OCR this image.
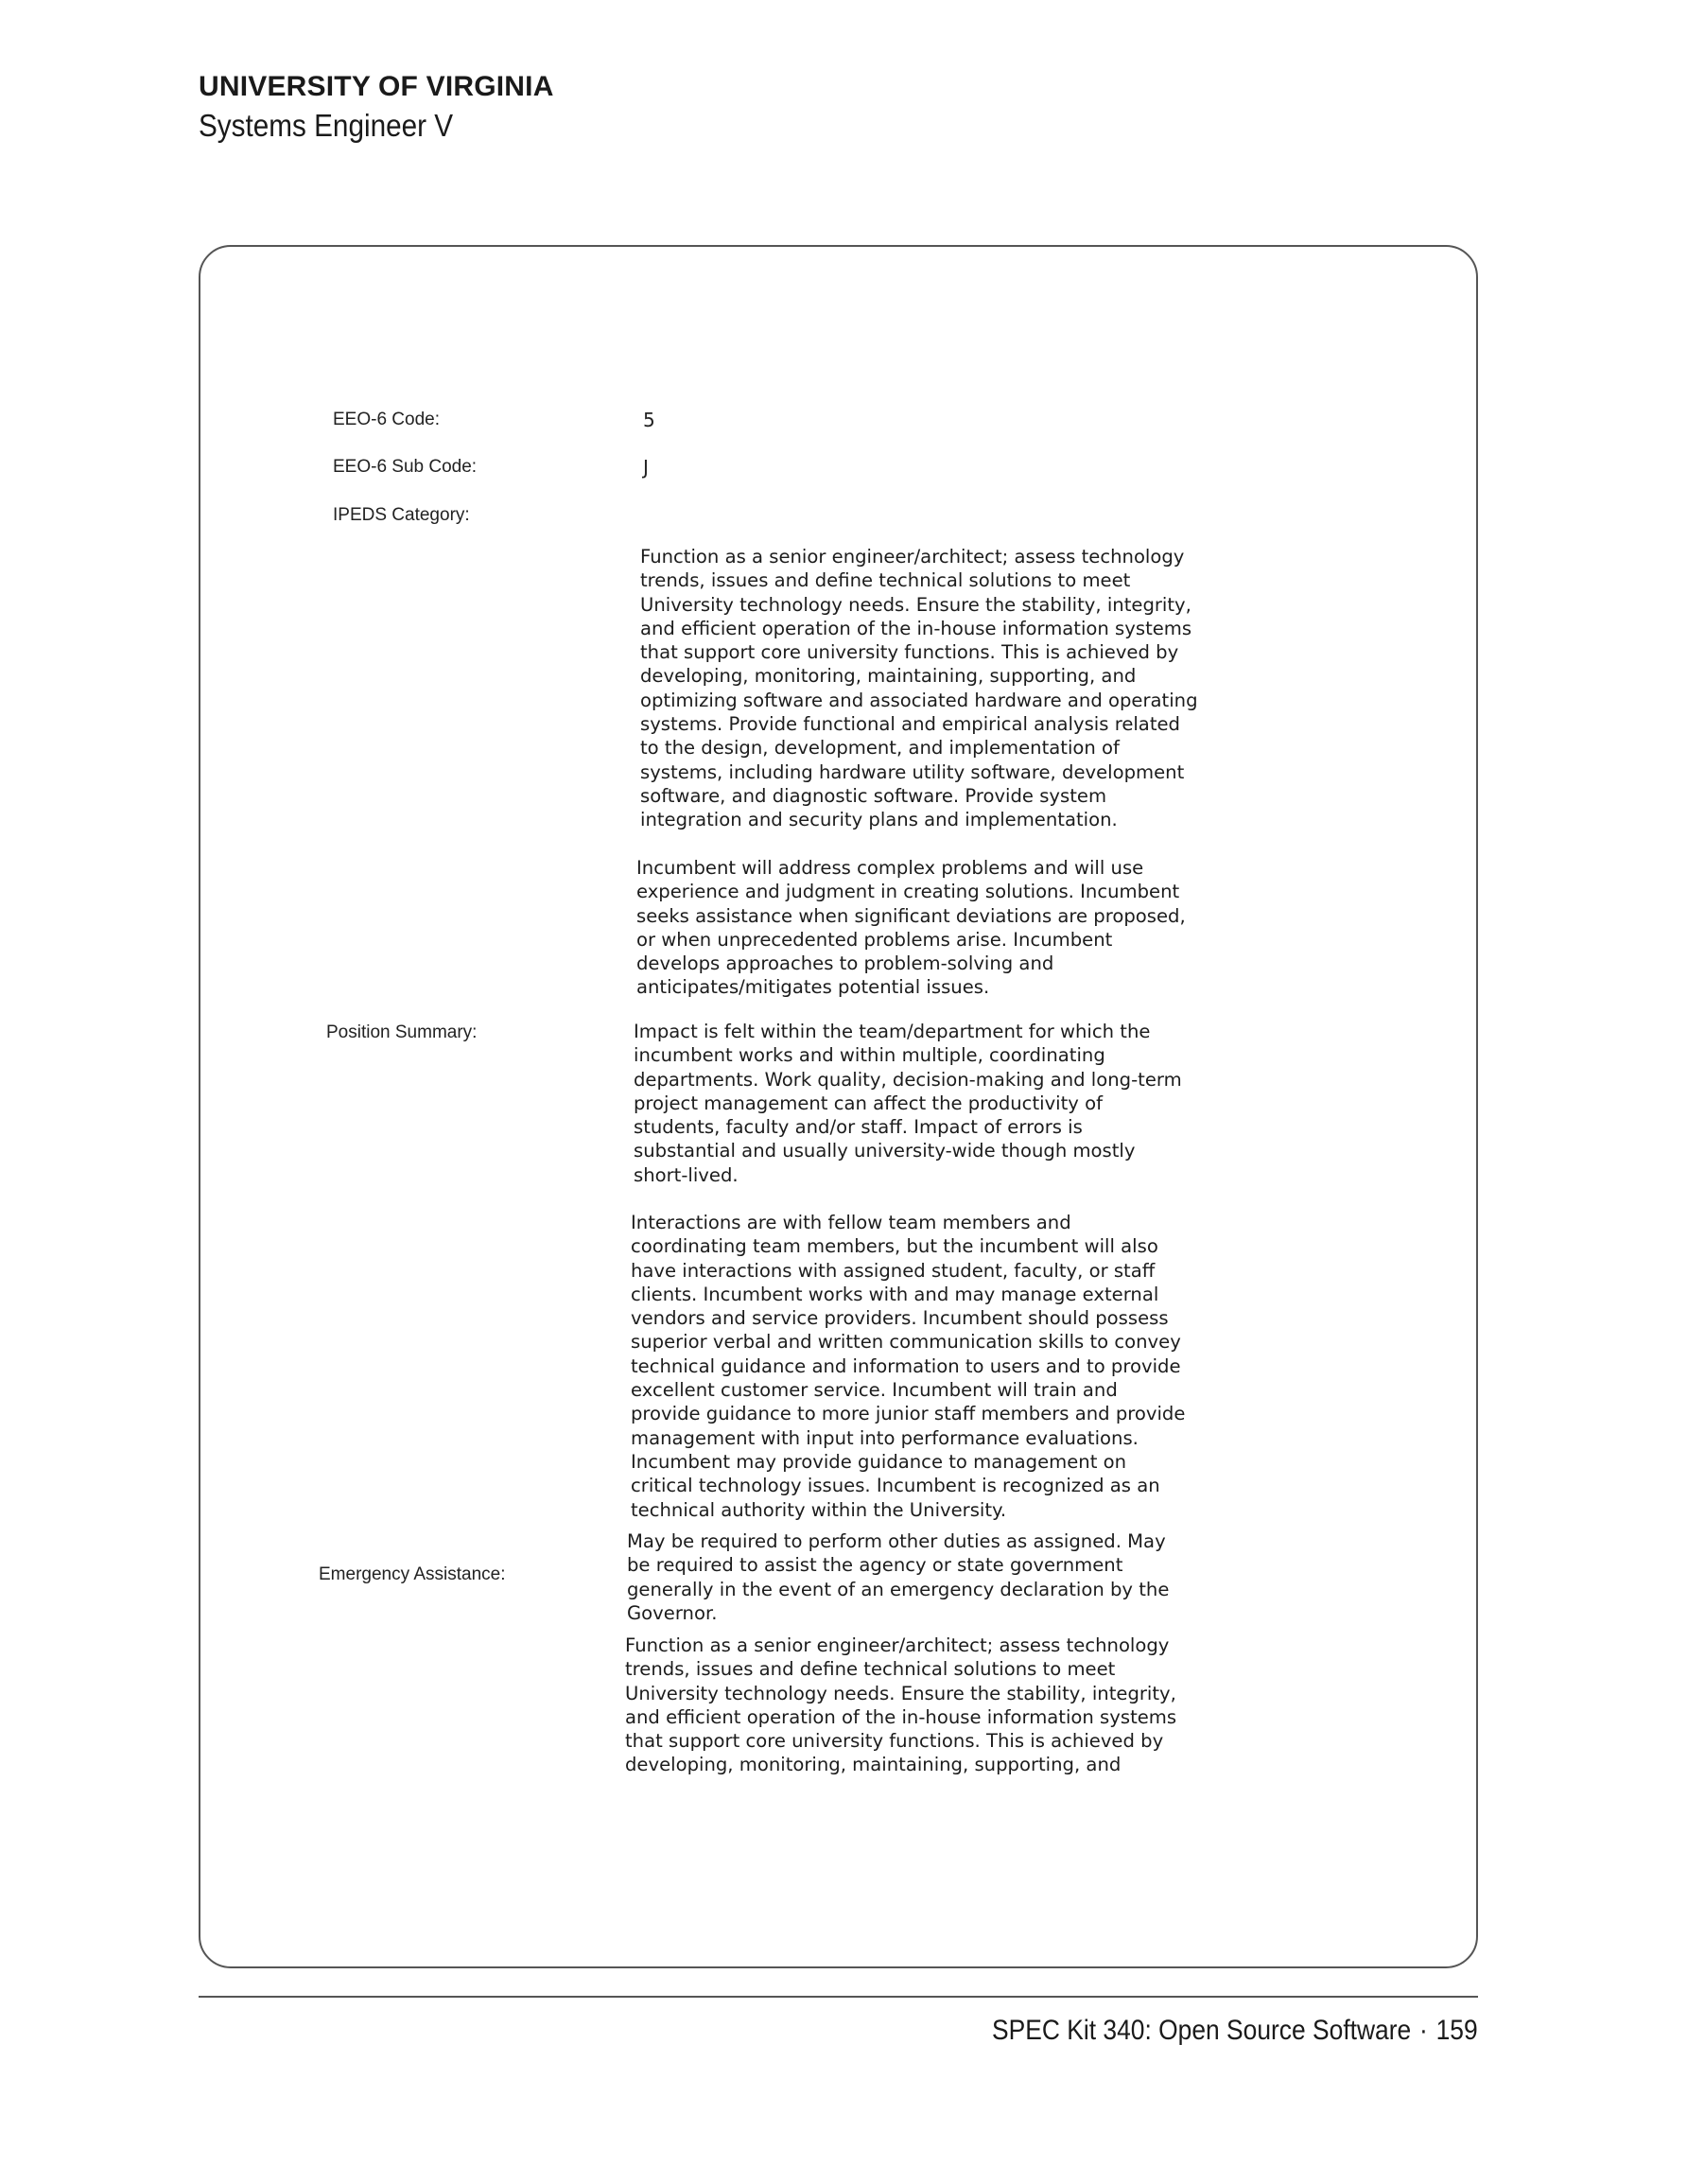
UNIVERSITY OF VIRGINIA
Systems Engineer V
EEO-6 Code:	5
EEO-6 Sub Code:	J
IPEDS Category:
Position Summary:
Emergency Assistance:

Function as a senior engineer/architect; assess technology
trends, issues and define technical solutions to meet
University technology needs. Ensure the stability, integrity,
and efficient operation of the in-house information systems
that support core university functions. This is achieved by
developing, monitoring, maintaining, supporting, and
optimizing software and associated hardware and operating
systems. Provide functional and empirical analysis related
to the design, development, and implementation of
systems, including hardware utility software, development
software, and diagnostic software. Provide system
integration and security plans and implementation.

Incumbent will address complex problems and will use
experience and judgment in creating solutions. Incumbent
seeks assistance when significant deviations are proposed,
or when unprecedented problems arise. Incumbent
develops approaches to problem-solving and
anticipates/mitigates potential issues.

Impact is felt within the team/department for which the
incumbent works and within multiple, coordinating
departments. Work quality, decision-making and long-term
project management can affect the productivity of
students, faculty and/or staff. Impact of errors is
substantial and usually university-wide though mostly
short-lived.

Interactions are with fellow team members and
coordinating team members, but the incumbent will also
have interactions with assigned student, faculty, or staff
clients. Incumbent works with and may manage external
vendors and service providers. Incumbent should possess
superior verbal and written communication skills to convey
technical guidance and information to users and to provide
excellent customer service. Incumbent will train and
provide guidance to more junior staff members and provide
management with input into performance evaluations.
Incumbent may provide guidance to management on
critical technology issues. Incumbent is recognized as an
technical authority within the University.

May be required to perform other duties as assigned. May
be required to assist the agency or state government
generally in the event of an emergency declaration by the
Governor.

Function as a senior engineer/architect; assess technology
trends, issues and define technical solutions to meet
University technology needs. Ensure the stability, integrity,
and efficient operation of the in-house information systems
that support core university functions. This is achieved by
developing, monitoring, maintaining, supporting, and

SPEC Kit 340: Open Source Software · 159
